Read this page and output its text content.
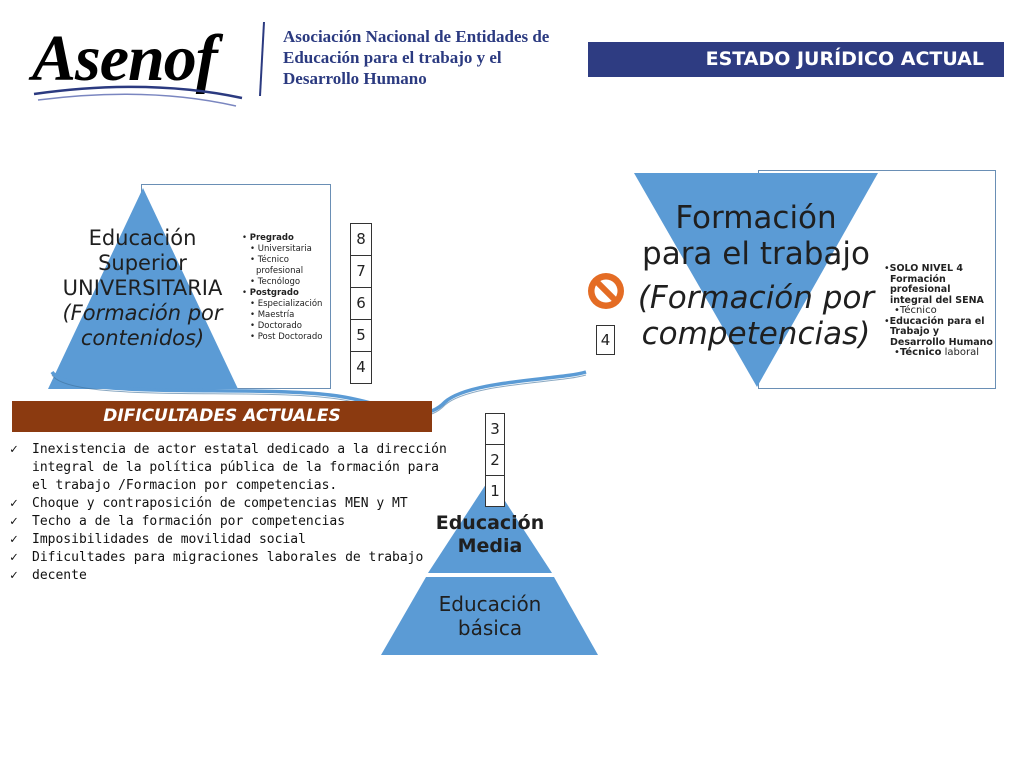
Asenof	Asociación Nacional de Entidades de
Educación para el trabajo y el
Desarrollo Humano
ESTADO JURÍDICO ACTUAL
Educación
Superior
UNIVERSITARIA
(Formación por
contenidos)
• Pregrado
• Universitaria
• Técnico profesional
• Tecnólogo
• Postgrado
• Especialización
• Maestría
• Doctorado
• Post Doctorado
8
7
6
5
4
4
3
2
1
Formación
para el trabajo
(Formación por
competencias)
•SOLO NIVEL 4 Formación profesional integral del SENA
•Técnico
•Educación para el Trabajo y Desarrollo Humano
•Técnico laboral
DIFICULTADES ACTUALES
✓ Inexistencia de actor estatal dedicado a la dirección integral de la política pública de la formación para el trabajo /Formacion por competencias.
✓ Choque y contraposición de competencias MEN y MT
✓ Techo a de la formación por competencias
✓ Imposibilidades de movilidad social
✓ Dificultades para migraciones laborales de trabajo
✓ decente
Educación
Media
Educación
básica
